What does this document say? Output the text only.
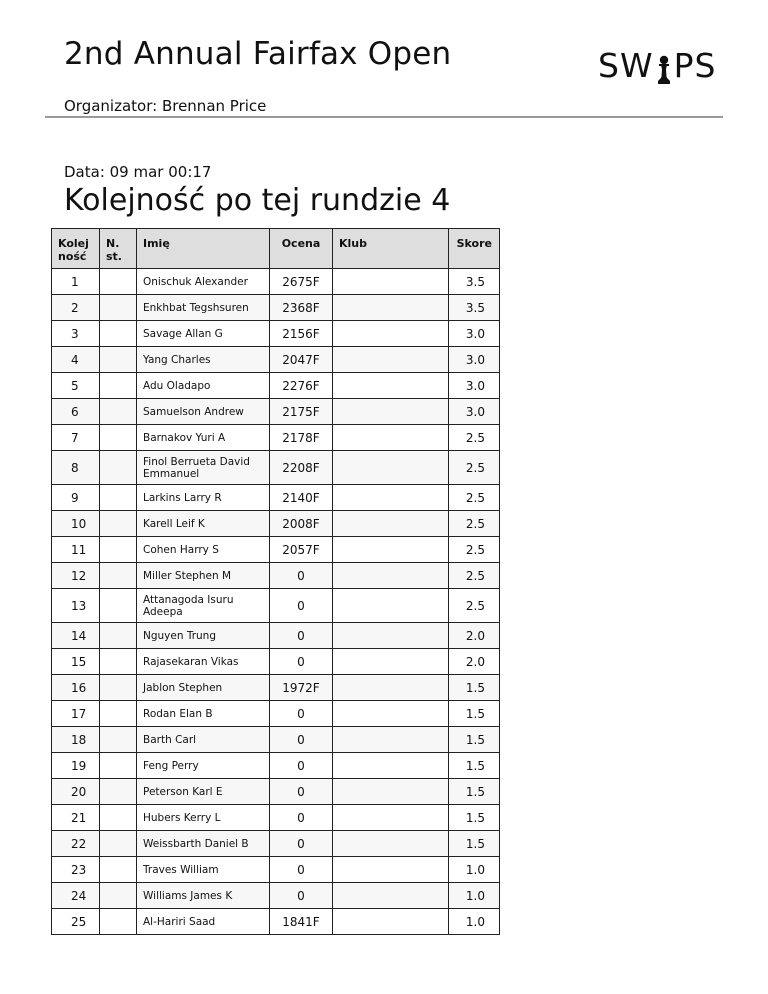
2nd Annual Fairfax Open	SW PS
Organizator: Brennan Price
Data: 09 mar 00:17
Kolejność po tej rundzie 4
Kolej ność	N. st.	Imię	Ocena	Klub	Skore

1		Onischuk Alexander	2675F		3.5
2		Enkhbat Tegshsuren	2368F		3.5
3		Savage Allan G	2156F		3.0
4		Yang Charles	2047F		3.0
5		Adu Oladapo	2276F		3.0
6		Samuelson Andrew	2175F		3.0
7		Barnakov Yuri A	2178F		2.5
8		Finol Berrueta David Emmanuel	2208F		2.5
9		Larkins Larry R	2140F		2.5
10		Karell Leif K	2008F		2.5
11		Cohen Harry S	2057F		2.5
12		Miller Stephen M	0		2.5
13		Attanagoda Isuru Adeepa	0		2.5
14		Nguyen Trung	0		2.0
15		Rajasekaran Vikas	0		2.0
16		Jablon Stephen	1972F		1.5
17		Rodan Elan B	0		1.5
18		Barth Carl	0		1.5
19		Feng Perry	0		1.5
20		Peterson Karl E	0		1.5
21		Hubers Kerry L	0		1.5
22		Weissbarth Daniel B	0		1.5
23		Traves William	0		1.0
24		Williams James K	0		1.0
25		Al-Hariri Saad	1841F		1.0
